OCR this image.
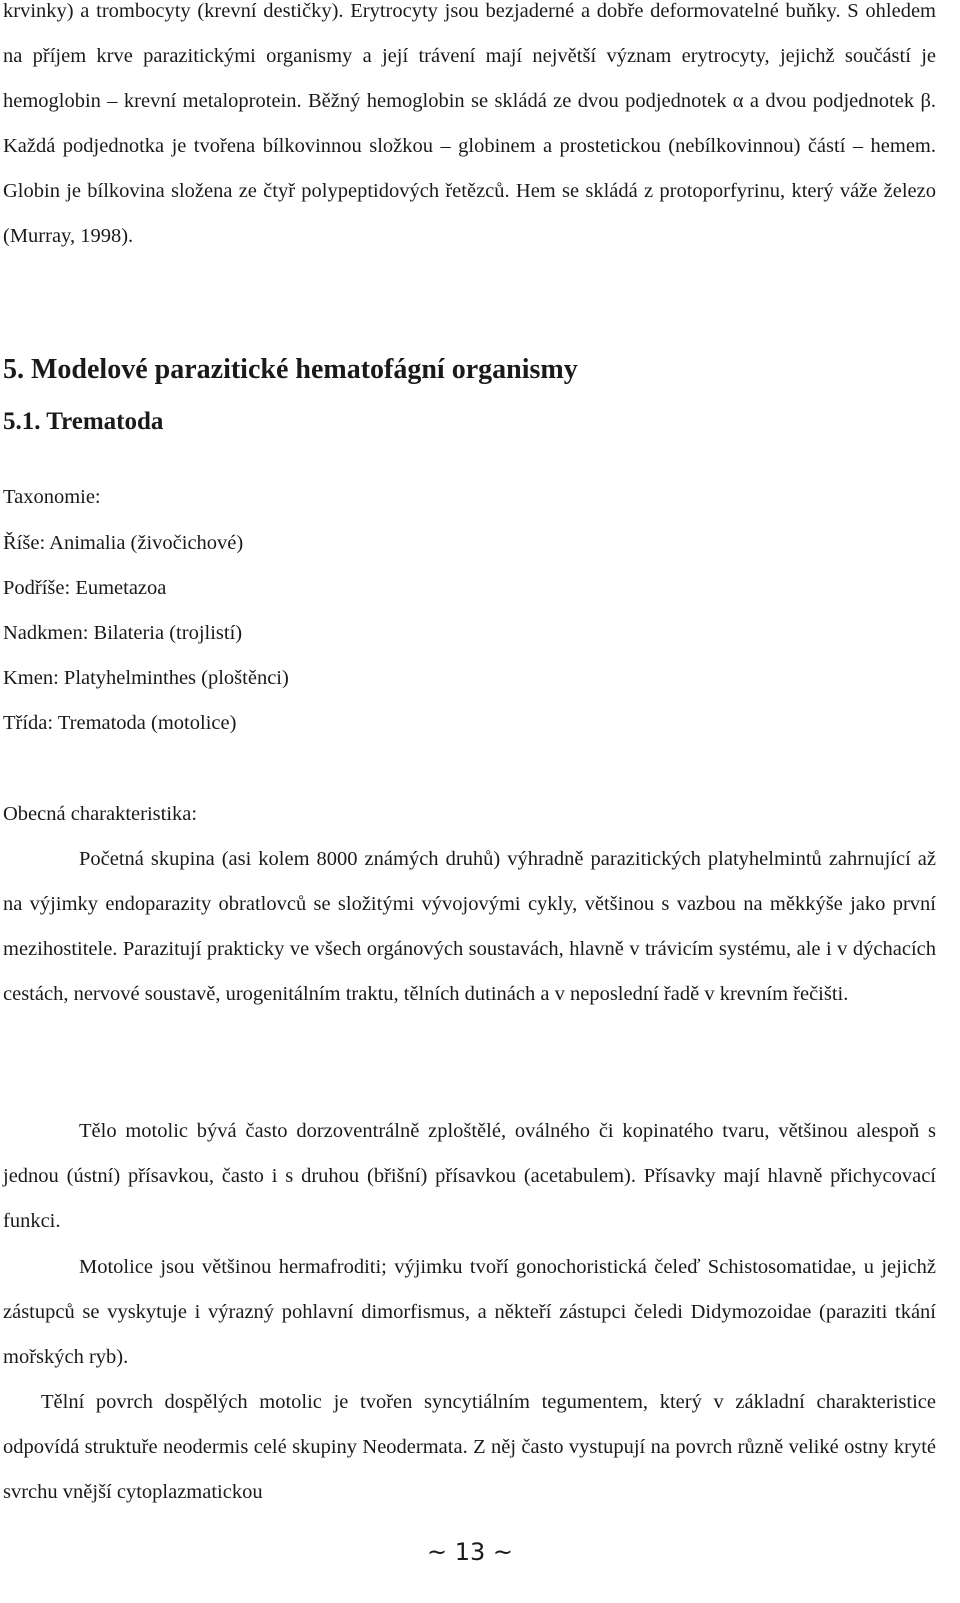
krvinky) a trombocyty (krevní destičky). Erytrocyty jsou bezjaderné a dobře deformovatelné buňky. S ohledem na příjem krve parazitickými organismy a její trávení mají největší význam erytrocyty, jejichž součástí je hemoglobin – krevní metaloprotein. Běžný hemoglobin se skládá ze dvou podjednotek α a dvou podjednotek β. Každá podjednotka je tvořena bílkovinnou složkou – globinem a prostetickou (nebílkovinnou) částí – hemem. Globin je bílkovina složena ze čtyř polypeptidových řetězců. Hem se skládá z protoporfyrinu, který váže železo (Murray, 1998).

5. Modelové parazitické hematofágní organismy
5.1. Trematoda

Taxonomie:

Říše: Animalia (živočichové)

Podříše: Eumetazoa

Nadkmen: Bilateria (trojlistí)

Kmen: Platyhelminthes (ploštěnci)

Třída: Trematoda (motolice)

Obecná charakteristika:

Početná skupina (asi kolem 8000 známých druhů) výhradně parazitických platyhelmintů zahrnující až na výjimky endoparazity obratlovců se složitými vývojovými cykly, většinou s vazbou na měkkýše jako první mezihostitele. Parazitují prakticky ve všech orgánových soustavách, hlavně v trávicím systému, ale i v dýchacích cestách, nervové soustavě, urogenitálním traktu, tělních dutinách a v neposlední řadě v krevním řečišti.

Tělo motolic bývá často dorzoventrálně zploštělé, oválného či kopinatého tvaru, většinou alespoň s jednou (ústní) přísavkou, často i s druhou (břišní) přísavkou (acetabulem). Přísavky mají hlavně přichycovací funkci.

Motolice jsou většinou hermafroditi; výjimku tvoří gonochoristická čeleď Schistosomatidae, u jejichž zástupců se vyskytuje i výrazný pohlavní dimorfismus, a někteří zástupci čeledi Didymozoidae (paraziti tkání mořských ryb).

Tělní povrch dospělých motolic je tvořen syncytiálním tegumentem, který v základní charakteristice odpovídá struktuře neodermis celé skupiny Neodermata. Z něj často vystupují na povrch různě veliké ostny kryté svrchu vnější cytoplazmatickou

~ 13 ~
